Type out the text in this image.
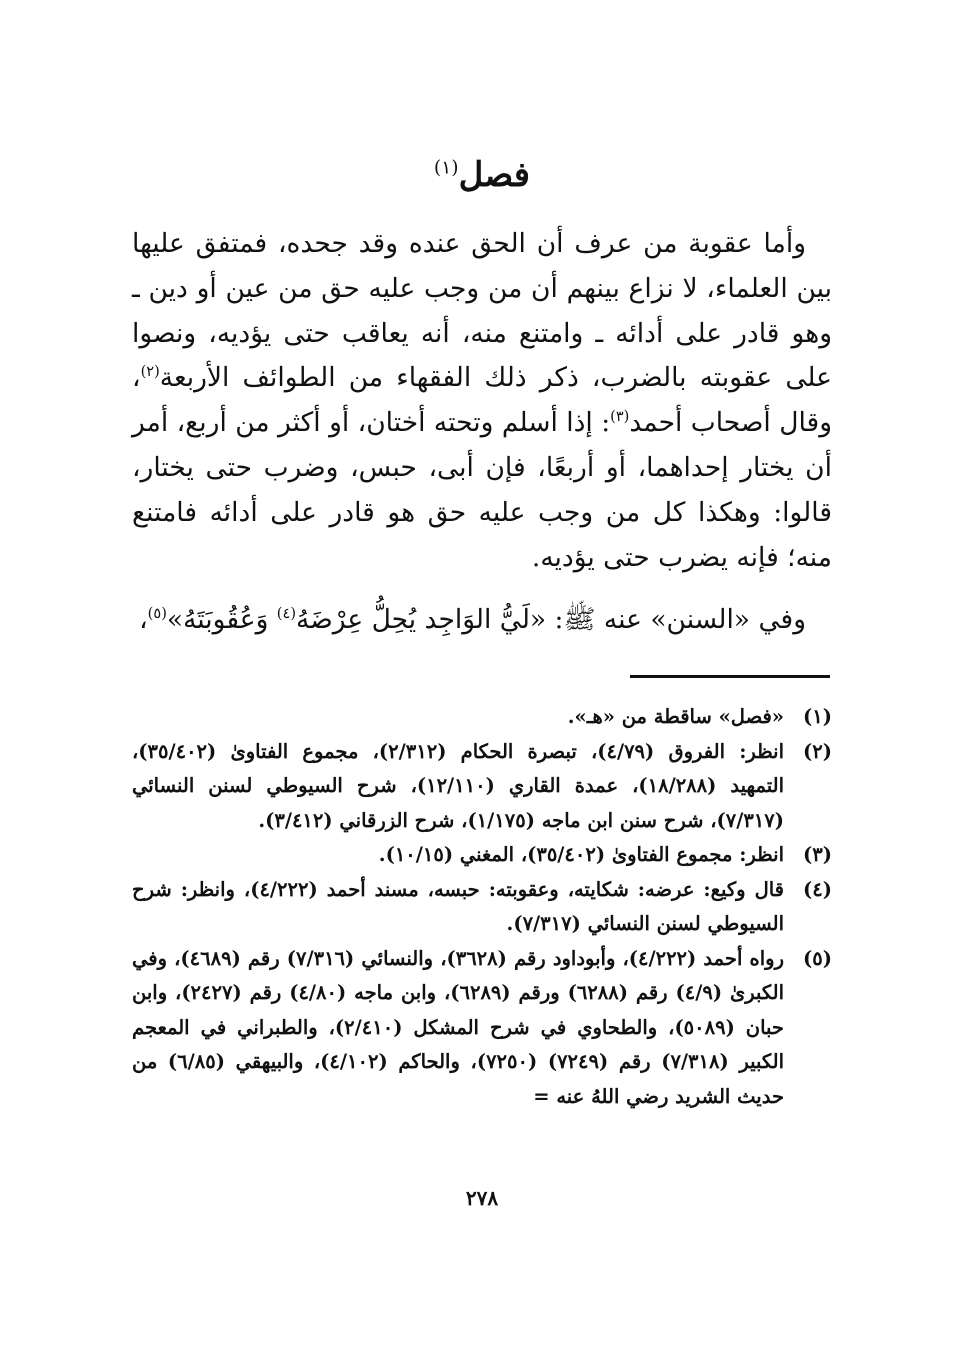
فصل$^{(١)}$

وأما عقوبة من عرف أن الحق عنده وقد جحده، فمتفق عليها بين العلماء، لا نزاع بينهم أن من وجب عليه حق من عين أو دين ـ وهو قادر على أدائه ـ وامتنع منه، أنه يعاقب حتى يؤديه، ونصوا على عقوبته بالضرب، ذكر ذلك الفقهاء من الطوائف الأربعة$^{(٢)}$، وقال أصحاب أحمد$^{(٣)}$: إذا أسلم وتحته أختان، أو أكثر من أربع، أمر أن يختار إحداهما، أو أربعًا، فإن أبى، حبس، وضرب حتى يختار، قالوا: وهكذا كل من وجب عليه حق هو قادر على أدائه فامتنع منه؛ فإنه يضرب حتى يؤديه.

وفي «السنن» عنه ﷺ: «لَيُّ الوَاجِد يُحِلُّ عِرْضَهُ$^{(٤)}$ وَعُقُوبَتَهُ»$^{(٥)}$،

(١)
«فصل» ساقطة من «هـ».
(٢)
انظر: الفروق (٤/٧٩)، تبصرة الحكام (٢/٣١٢)، مجموع الفتاوىٰ (٣٥/٤٠٢)، التمهيد (١٨/٢٨٨)، عمدة القاري (١٢/١١٠)، شرح السيوطي لسنن النسائي (٧/٣١٧)، شرح سنن ابن ماجه (١/١٧٥)، شرح الزرقاني (٣/٤١٢).
(٣)
انظر: مجموع الفتاوىٰ (٣٥/٤٠٢)، المغني (١٠/١٥).
(٤)
قال وكيع: عرضه: شكايته، وعقوبته: حبسه، مسند أحمد (٤/٢٢٢)، وانظر: شرح السيوطي لسنن النسائي (٧/٣١٧).
(٥)
رواه أحمد (٤/٢٢٢)، وأبوداود رقم (٣٦٢٨)، والنسائي (٧/٣١٦) رقم (٤٦٨٩)، وفي الكبرىٰ (٤/٩) رقم (٦٢٨٨) ورقم (٦٢٨٩)، وابن ماجه (٤/٨٠) رقم (٢٤٢٧)، وابن حبان (٥٠٨٩)، والطحاوي في شرح المشكل (٢/٤١٠)، والطبراني في المعجم الكبير (٧/٣١٨) رقم (٧٢٤٩) (٧٢٥٠)، والحاكم (٤/١٠٢)، والبيهقي (٦/٨٥) من حديث الشريد رضي اللهُ عنه =
٢٧٨
